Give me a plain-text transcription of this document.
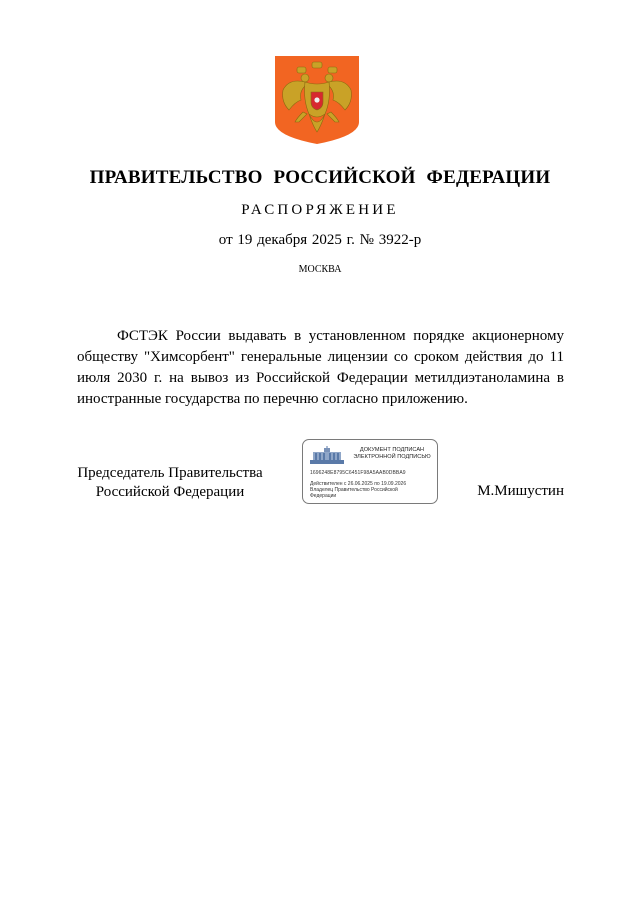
ПРАВИТЕЛЬСТВО РОССИЙСКОЙ ФЕДЕРАЦИИ
РАСПОРЯЖЕНИЕ
от 19 декабря 2025 г. № 3922-р
МОСКВА

ФСТЭК России выдавать в установленном порядке акционерному обществу "Химсорбент" генеральные лицензии со сроком действия до 11 июля 2030 г. на вывоз из Российской Федерации метилдиэтаноламина в иностранные государства по перечню согласно приложению.

Председатель Правительства
Российской Федерации
ДОКУМЕНТ ПОДПИСАН
ЭЛЕКТРОННОЙ ПОДПИСЬЮ
1696248E8795C6451F98A5AAB0DBBA9
Действителен с 26.06.2025 по 19.09.2026
Владелец Правительство Российской
Федерации	М.Мишустин
